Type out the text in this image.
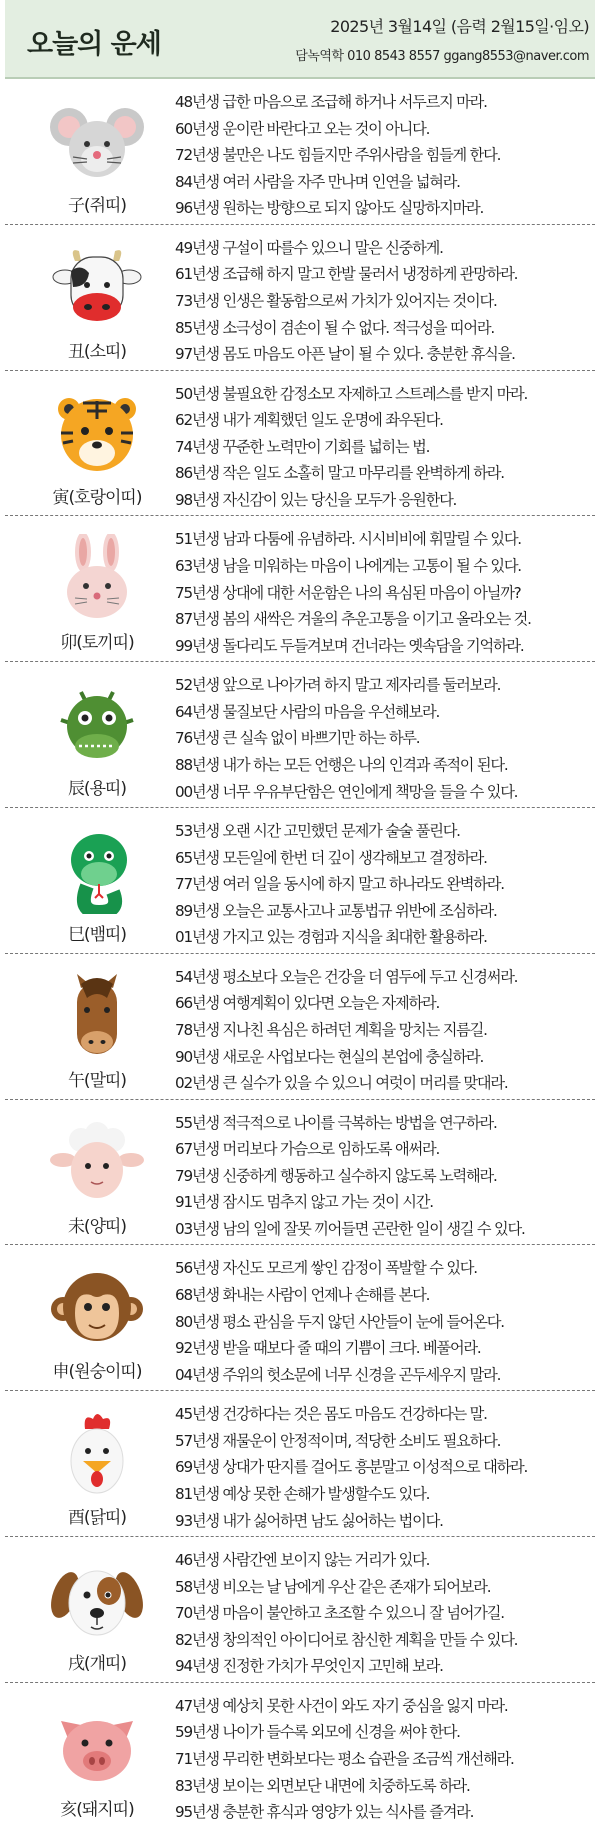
오늘의 운세
2025년 3월14일 (음력 2월15일·임오)
담녹역학 010 8543 8557 ggang8553@naver.com
子(쥐띠)
48년생 급한 마음으로 조급해 하거나 서두르지 마라.
60년생 운이란 바란다고 오는 것이 아니다.
72년생 불만은 나도 힘들지만 주위사람을 힘들게 한다.
84년생 여러 사람을 자주 만나며 인연을 넓혀라.
96년생 원하는 방향으로 되지 않아도 실망하지마라.
丑(소띠)
49년생 구설이 따를수 있으니 말은 신중하게.
61년생 조급해 하지 말고 한발 물러서 냉정하게 관망하라.
73년생 인생은 활동함으로써 가치가 있어지는 것이다.
85년생 소극성이 겸손이 될 수 없다. 적극성을 띠어라.
97년생 몸도 마음도 아픈 날이 될 수 있다. 충분한 휴식을.
寅(호랑이띠)
50년생 불필요한 감정소모 자제하고 스트레스를 받지 마라.
62년생 내가 계획했던 일도 운명에 좌우된다.
74년생 꾸준한 노력만이 기회를 넓히는 법.
86년생 작은 일도 소홀히 말고 마무리를 완벽하게 하라.
98년생 자신감이 있는 당신을 모두가 응원한다.
卯(토끼띠)
51년생 남과 다툼에 유념하라. 시시비비에 휘말릴 수 있다.
63년생 남을 미워하는 마음이 나에게는 고통이 될 수 있다.
75년생 상대에 대한 서운함은 나의 욕심된 마음이 아닐까?
87년생 봄의 새싹은 겨울의 추운고통을 이기고 올라오는 것.
99년생 돌다리도 두들겨보며 건너라는 옛속담을 기억하라.
辰(용띠)
52년생 앞으로 나아가려 하지 말고 제자리를 둘러보라.
64년생 물질보단 사람의 마음을 우선해보라.
76년생 큰 실속 없이 바쁘기만 하는 하루.
88년생 내가 하는 모든 언행은 나의 인격과 족적이 된다.
00년생 너무 우유부단함은 연인에게 책망을 들을 수 있다.
巳(뱀띠)
53년생 오랜 시간 고민했던 문제가 술술 풀린다.
65년생 모든일에 한번 더 깊이 생각해보고 결정하라.
77년생 여러 일을 동시에 하지 말고 하나라도 완벽하라.
89년생 오늘은 교통사고나 교통법규 위반에 조심하라.
01년생 가지고 있는 경험과 지식을 최대한 활용하라.
午(말띠)
54년생 평소보다 오늘은 건강을 더 염두에 두고 신경써라.
66년생 여행계획이 있다면 오늘은 자제하라.
78년생 지나친 욕심은 하려던 계획을 망치는 지름길.
90년생 새로운 사업보다는 현실의 본업에 충실하라.
02년생 큰 실수가 있을 수 있으니 여럿이 머리를 맞대라.
未(양띠)
55년생 적극적으로 나이를 극복하는 방법을 연구하라.
67년생 머리보다 가슴으로 임하도록 애써라.
79년생 신중하게 행동하고 실수하지 않도록 노력해라.
91년생 잠시도 멈추지 않고 가는 것이 시간.
03년생 남의 일에 잘못 끼어들면 곤란한 일이 생길 수 있다.
申(원숭이띠)
56년생 자신도 모르게 쌓인 감정이 폭발할 수 있다.
68년생 화내는 사람이 언제나 손해를 본다.
80년생 평소 관심을 두지 않던 사안들이 눈에 들어온다.
92년생 받을 때보다 줄 때의 기쁨이 크다. 베풀어라.
04년생 주위의 헛소문에 너무 신경을 곤두세우지 말라.
酉(닭띠)
45년생 건강하다는 것은 몸도 마음도 건강하다는 말.
57년생 재물운이 안정적이며, 적당한 소비도 필요하다.
69년생 상대가 딴지를 걸어도 흥분말고 이성적으로 대하라.
81년생 예상 못한 손해가 발생할수도 있다.
93년생 내가 싫어하면 남도 싫어하는 법이다.
戌(개띠)
46년생 사람간엔 보이지 않는 거리가 있다.
58년생 비오는 날 남에게 우산 같은 존재가 되어보라.
70년생 마음이 불안하고 초조할 수 있으니 잘 넘어가길.
82년생 창의적인 아이디어로 참신한 계획을 만들 수 있다.
94년생 진정한 가치가 무엇인지 고민해 보라.
亥(돼지띠)
47년생 예상치 못한 사건이 와도 자기 중심을 잃지 마라.
59년생 나이가 들수록 외모에 신경을 써야 한다.
71년생 무리한 변화보다는 평소 습관을 조금씩 개선해라.
83년생 보이는 외면보단 내면에 치중하도록 하라.
95년생 충분한 휴식과 영양가 있는 식사를 즐겨라.
